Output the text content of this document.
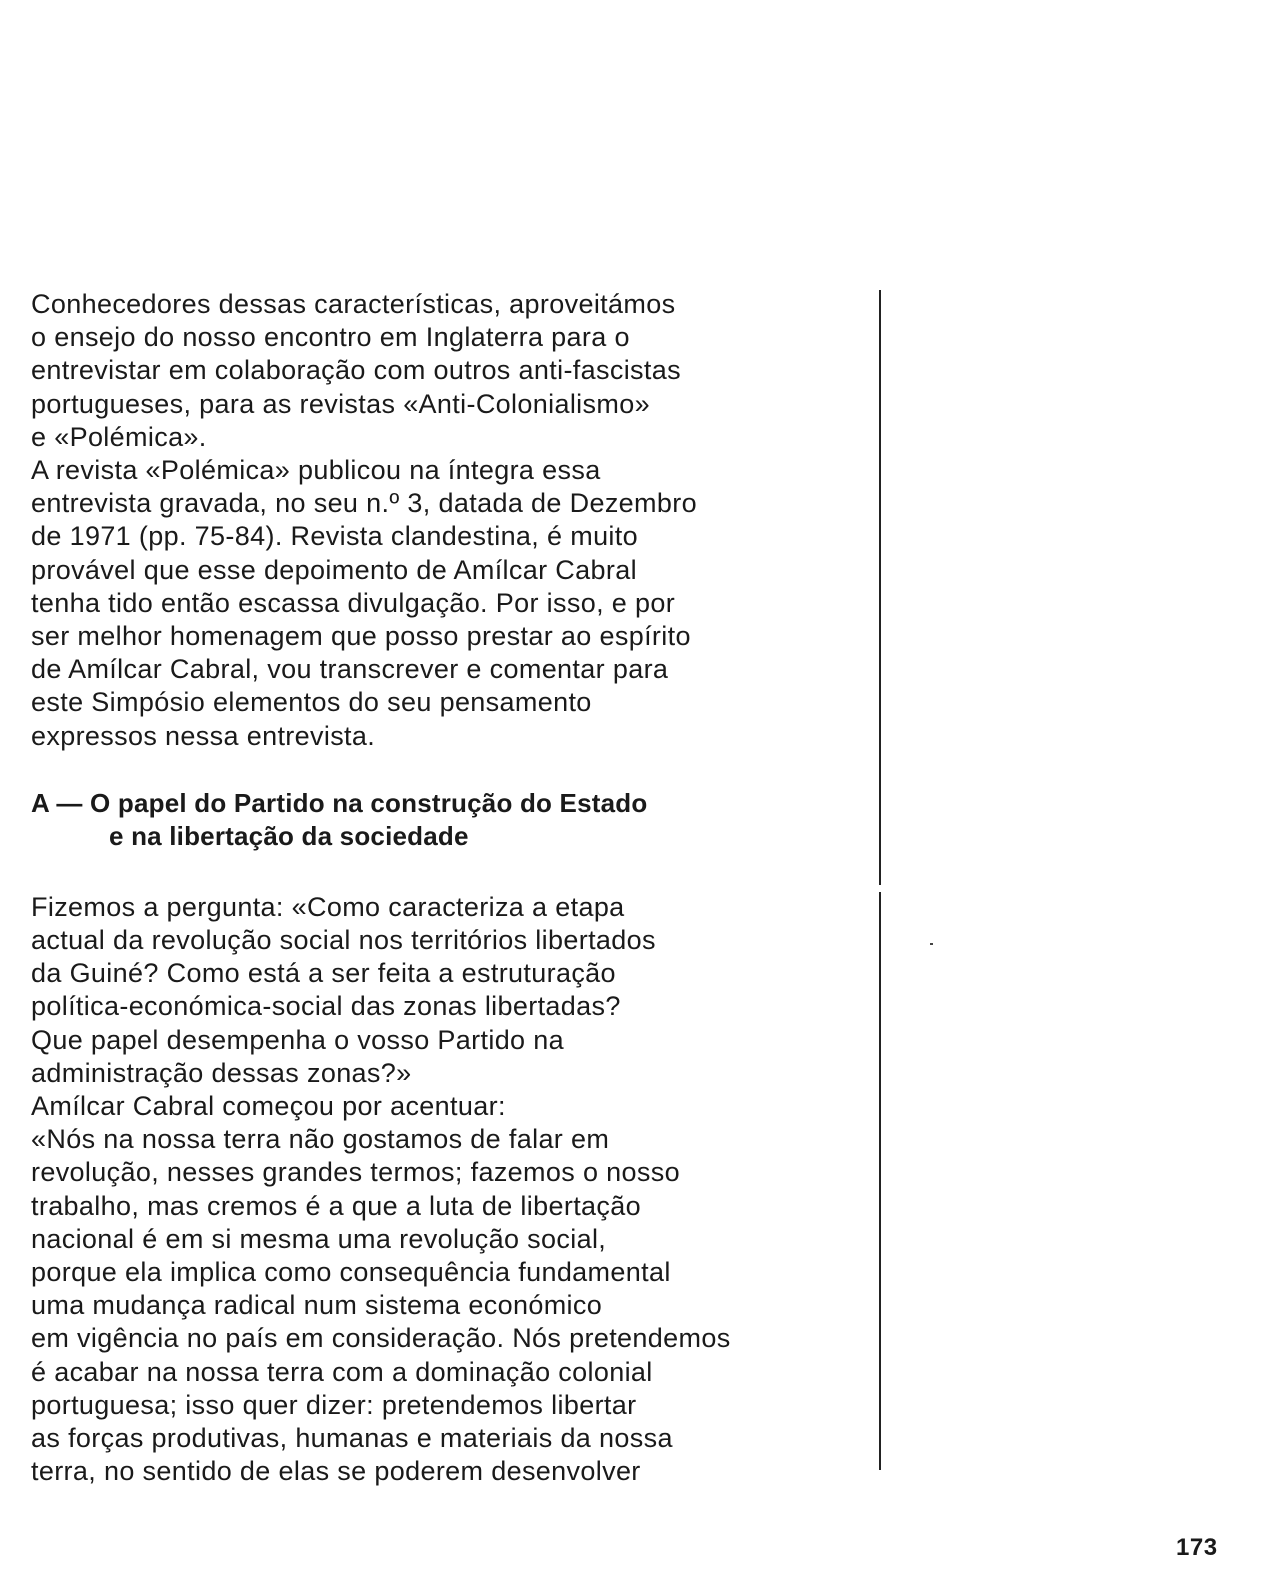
Conhecedores dessas características, aproveitámos
o ensejo do nosso encontro em Inglaterra para o
entrevistar em colaboração com outros anti-fascistas
portugueses, para as revistas «Anti-Colonialismo»
e «Polémica».
A revista «Polémica» publicou na íntegra essa
entrevista gravada, no seu n.º 3, datada de Dezembro
de 1971 (pp. 75-84). Revista clandestina, é muito
provável que esse depoimento de Amílcar Cabral
tenha tido então escassa divulgação. Por isso, e por
ser melhor homenagem que posso prestar ao espírito
de Amílcar Cabral, vou transcrever e comentar para
este Simpósio elementos do seu pensamento
expressos nessa entrevista.
A — O papel do Partido na construção do Estado
e na libertação da sociedade
Fizemos a pergunta: «Como caracteriza a etapa
actual da revolução social nos territórios libertados
da Guiné? Como está a ser feita a estruturação
política-económica-social das zonas libertadas?
Que papel desempenha o vosso Partido na
administração dessas zonas?»
Amílcar Cabral começou por acentuar:
«Nós na nossa terra não gostamos de falar em
revolução, nesses grandes termos; fazemos o nosso
trabalho, mas cremos é a que a luta de libertação
nacional é em si mesma uma revolução social,
porque ela implica como consequência fundamental
uma mudança radical num sistema económico
em vigência no país em consideração. Nós pretendemos
é acabar na nossa terra com a dominação colonial
portuguesa; isso quer dizer: pretendemos libertar
as forças produtivas, humanas e materiais da nossa
terra, no sentido de elas se poderem desenvolver
173
